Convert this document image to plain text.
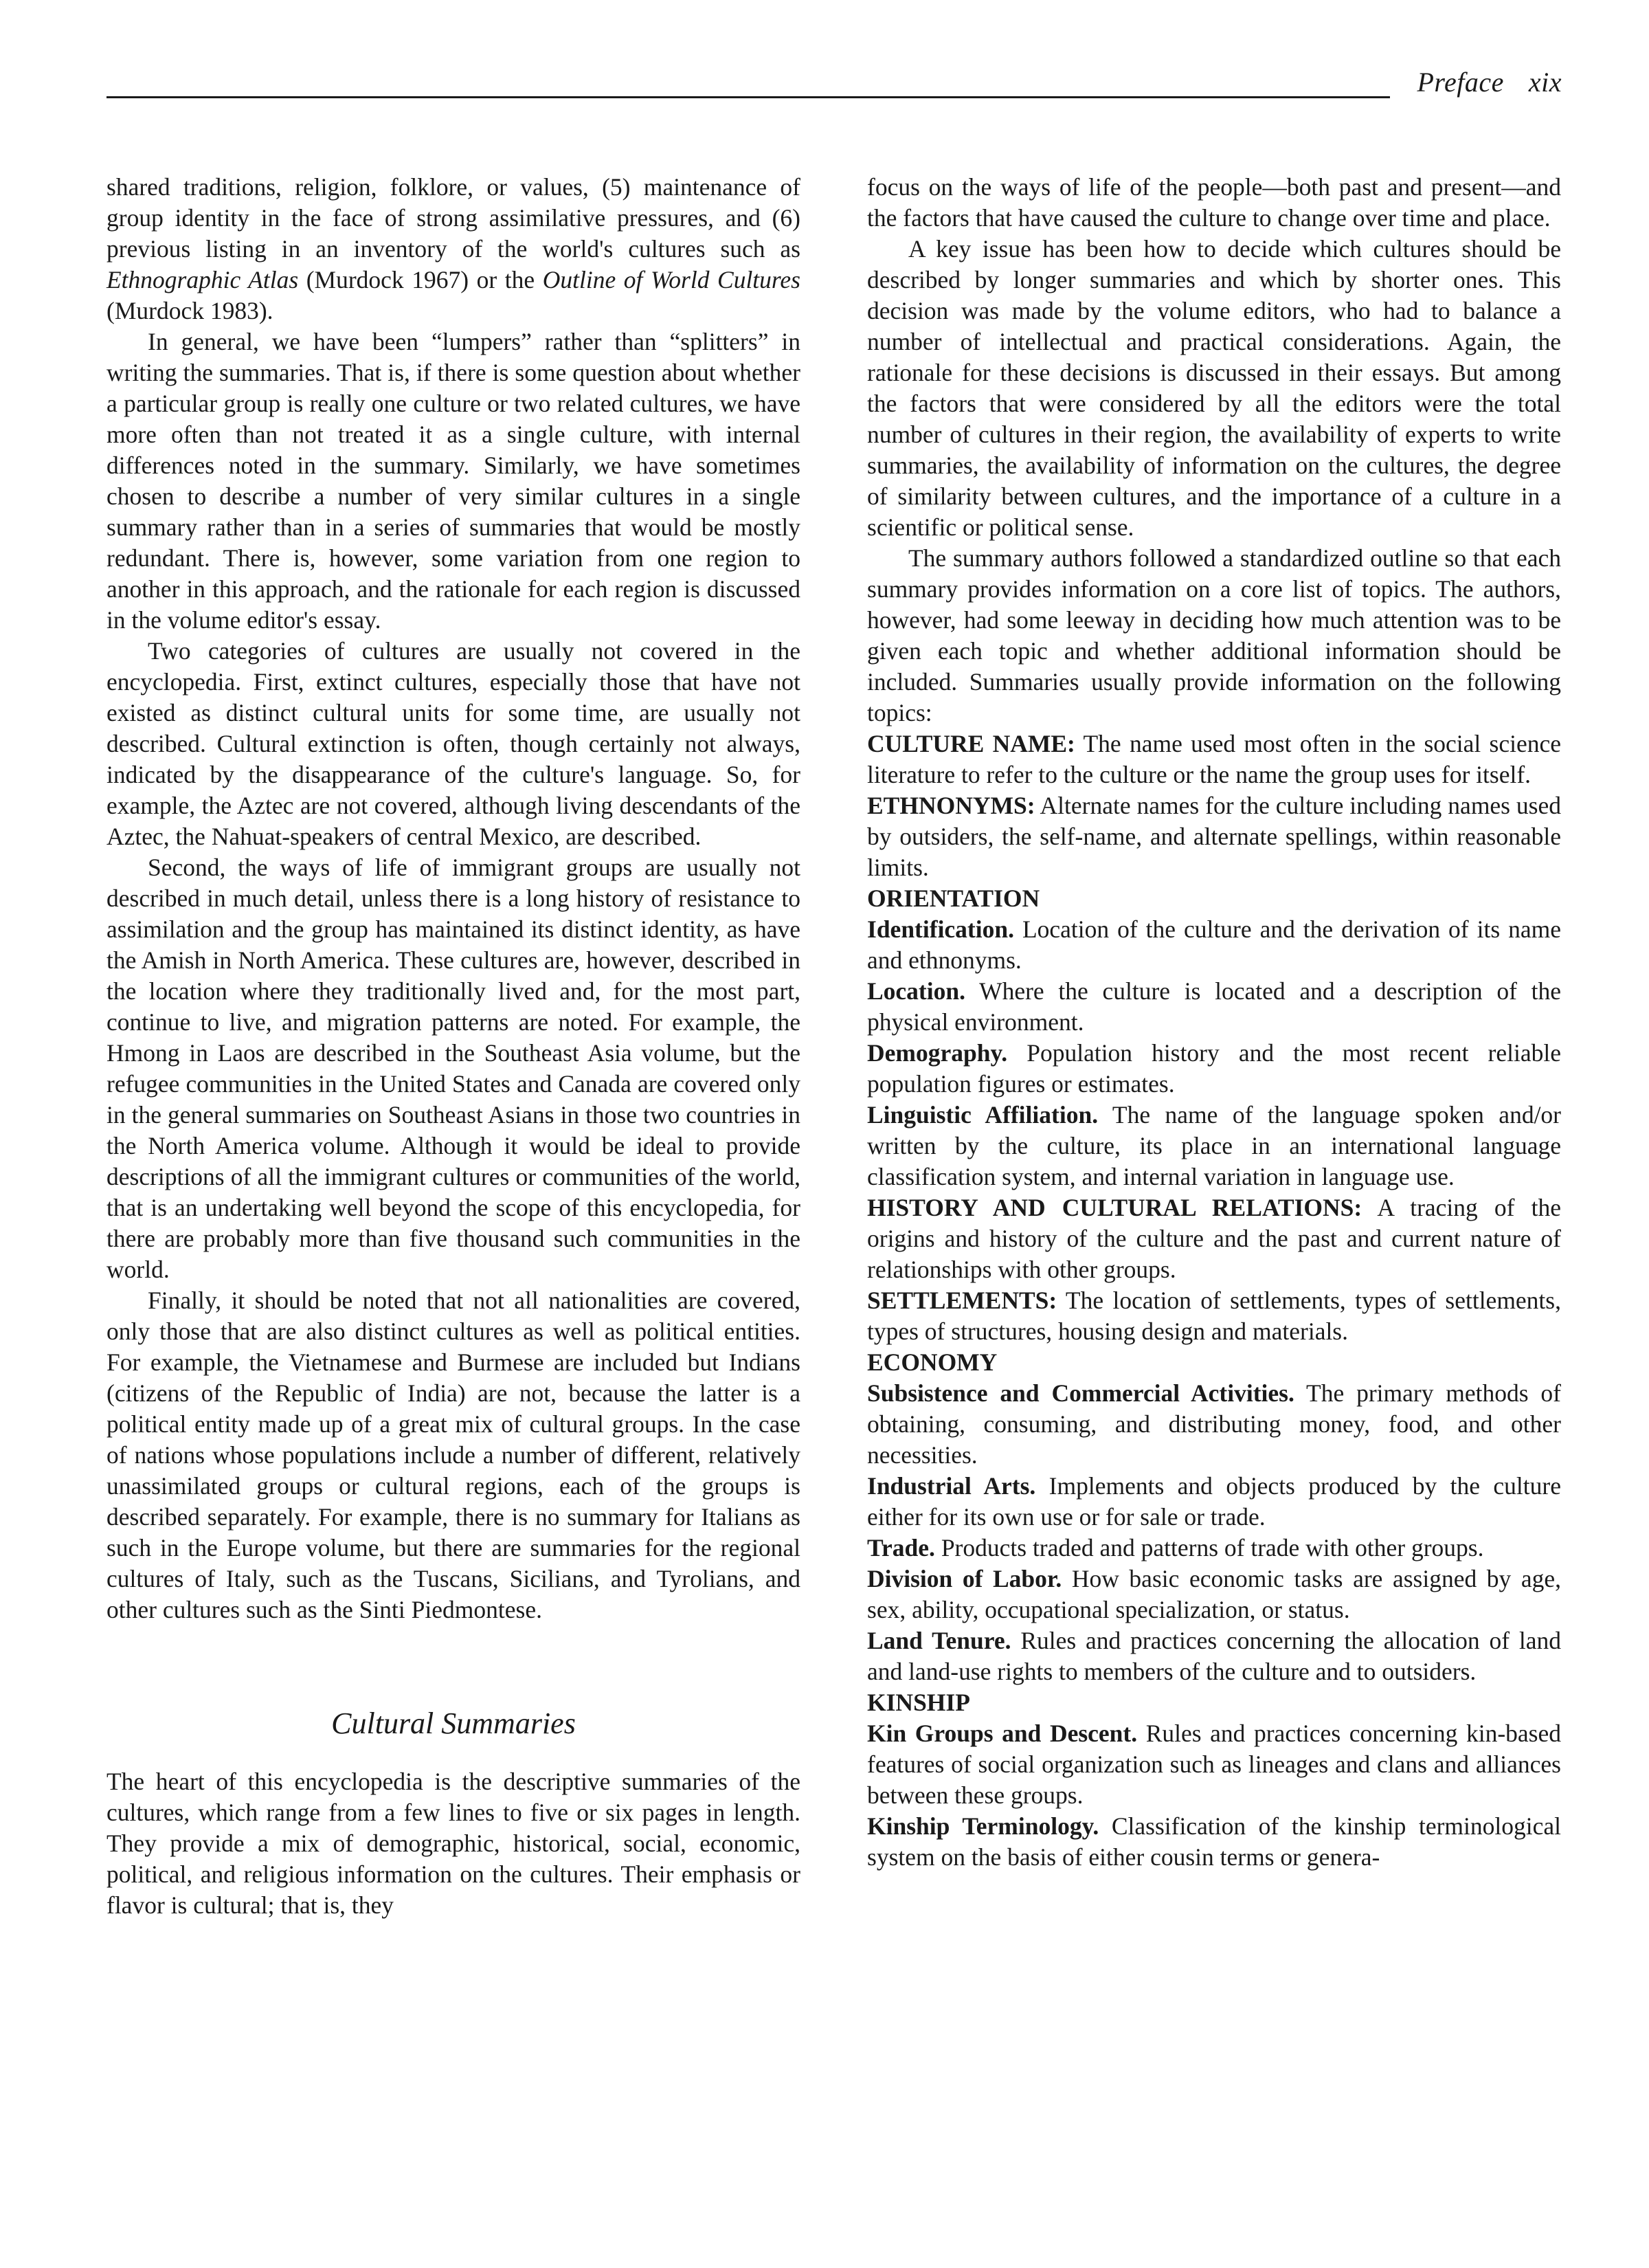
Preface xix

shared traditions, religion, folklore, or values, (5) maintenance of group identity in the face of strong assimilative pressures, and (6) previous listing in an inventory of the world's cultures such as Ethnographic Atlas (Murdock 1967) or the Outline of World Cultures (Murdock 1983).

In general, we have been “lumpers” rather than “splitters” in writing the summaries. That is, if there is some question about whether a particular group is really one culture or two related cultures, we have more often than not treated it as a single culture, with internal differences noted in the summary. Similarly, we have sometimes chosen to describe a number of very similar cultures in a single summary rather than in a series of summaries that would be mostly redundant. There is, however, some variation from one region to another in this approach, and the rationale for each region is discussed in the volume editor's essay.

Two categories of cultures are usually not covered in the encyclopedia. First, extinct cultures, especially those that have not existed as distinct cultural units for some time, are usually not described. Cultural extinction is often, though certainly not always, indicated by the disappearance of the culture's language. So, for example, the Aztec are not covered, although living descendants of the Aztec, the Nahuat-speakers of central Mexico, are described.

Second, the ways of life of immigrant groups are usually not described in much detail, unless there is a long history of resistance to assimilation and the group has maintained its distinct identity, as have the Amish in North America. These cultures are, however, described in the location where they traditionally lived and, for the most part, continue to live, and migration patterns are noted. For example, the Hmong in Laos are described in the Southeast Asia volume, but the refugee communities in the United States and Canada are covered only in the general summaries on Southeast Asians in those two countries in the North America volume. Although it would be ideal to provide descriptions of all the immigrant cultures or communities of the world, that is an undertaking well beyond the scope of this encyclopedia, for there are probably more than five thousand such communities in the world.

Finally, it should be noted that not all nationalities are covered, only those that are also distinct cultures as well as political entities. For example, the Vietnamese and Burmese are included but Indians (citizens of the Republic of India) are not, because the latter is a political entity made up of a great mix of cultural groups. In the case of nations whose populations include a number of different, relatively unassimilated groups or cultural regions, each of the groups is described separately. For example, there is no summary for Italians as such in the Europe volume, but there are summaries for the regional cultures of Italy, such as the Tuscans, Sicilians, and Tyrolians, and other cultures such as the Sinti Piedmontese.

Cultural Summaries

The heart of this encyclopedia is the descriptive summaries of the cultures, which range from a few lines to five or six pages in length. They provide a mix of demographic, historical, social, economic, political, and religious information on the cultures. Their emphasis or flavor is cultural; that is, they

focus on the ways of life of the people—both past and present—and the factors that have caused the culture to change over time and place.

A key issue has been how to decide which cultures should be described by longer summaries and which by shorter ones. This decision was made by the volume editors, who had to balance a number of intellectual and practical considerations. Again, the rationale for these decisions is discussed in their essays. But among the factors that were considered by all the editors were the total number of cultures in their region, the availability of experts to write summaries, the availability of information on the cultures, the degree of similarity between cultures, and the importance of a culture in a scientific or political sense.

The summary authors followed a standardized outline so that each summary provides information on a core list of topics. The authors, however, had some leeway in deciding how much attention was to be given each topic and whether additional information should be included. Summaries usually provide information on the following topics:

CULTURE NAME: The name used most often in the social science literature to refer to the culture or the name the group uses for itself.

ETHNONYMS: Alternate names for the culture including names used by outsiders, the self-name, and alternate spellings, within reasonable limits.

ORIENTATION

Identification. Location of the culture and the derivation of its name and ethnonyms.

Location. Where the culture is located and a description of the physical environment.

Demography. Population history and the most recent reliable population figures or estimates.

Linguistic Affiliation. The name of the language spoken and/or written by the culture, its place in an international language classification system, and internal variation in language use.

HISTORY AND CULTURAL RELATIONS: A tracing of the origins and history of the culture and the past and current nature of relationships with other groups.

SETTLEMENTS: The location of settlements, types of settlements, types of structures, housing design and materials.

ECONOMY

Subsistence and Commercial Activities. The primary methods of obtaining, consuming, and distributing money, food, and other necessities.

Industrial Arts. Implements and objects produced by the culture either for its own use or for sale or trade.

Trade. Products traded and patterns of trade with other groups.

Division of Labor. How basic economic tasks are assigned by age, sex, ability, occupational specialization, or status.

Land Tenure. Rules and practices concerning the allocation of land and land-use rights to members of the culture and to outsiders.

KINSHIP

Kin Groups and Descent. Rules and practices concerning kin-based features of social organization such as lineages and clans and alliances between these groups.

Kinship Terminology. Classification of the kinship terminological system on the basis of either cousin terms or genera-
